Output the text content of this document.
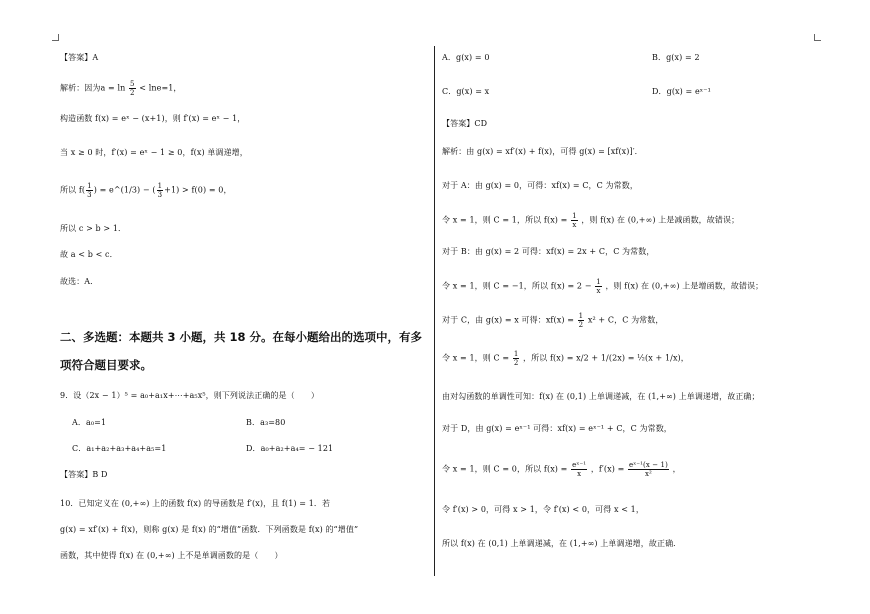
【答案】A
解析：因为$a = \ln \frac{5}{2} < \ln e=1$，
构造函数 f(x) = eˣ − (x+1)，则 f′(x) = eˣ − 1，
当 x ≥ 0 时，f′(x) = eˣ − 1 ≥ 0，f(x) 单调递增，
所以 $f( \frac{1}{3}$ ) = e^(1/3) − ( $\frac{1}{3} +1) > f(0) = 0$，
所以 c > b > 1．
故 a < b < c．
故选：A．
二、多选题：本题共 3 小题，共 18 分。在每小题给出的选项中，有多
项符合题目要求。
9．设（2x − 1）⁵ = a₀+a₁x+⋯+a₅x⁵，则下列说法正确的是（　　）
A．a₀=1	B．a₃=80
C．a₁+a₂+a₃+a₄+a₅=1	D．a₀+a₂+a₄= − 121
【答案】B D
10．已知定义在 (0,+∞) 上的函数 f(x) 的导函数是 f′(x)，且 f(1) = 1．若
g(x) = xf′(x) + f(x)，则称 g(x) 是 f(x) 的“增值”函数．下列函数是 f(x) 的“增值”
函数，其中使得 f(x) 在 (0,+∞) 上不是单调函数的是（　　）
A．g(x) = 0	B．g(x) = 2
C．g(x) = x	D．g(x) = eˣ⁻¹
【答案】CD
解析：由 g(x) = xf′(x) + f(x)，可得 g(x) = [xf(x)]′．
对于 A：由 g(x) = 0，可得：xf(x) = C，C 为常数，
令 x = 1，则 C = 1，所以 $f(x) = \frac{1}{x}$ ，则 f(x) 在 (0,+∞) 上是减函数，故错误；
对于 B：由 g(x) = 2 可得：xf(x) = 2x + C，C 为常数，
令 x = 1，则 C = −1，所以 $f(x) = 2 - \frac{1}{x}$ ，则 f(x) 在 (0,+∞) 上是增函数，故错误；
对于 C，由 g(x) = x 可得：$xf(x) = \frac{1}{2} x^2 + C$，C 为常数，
令 x = 1，则 $C = \frac{1}{2}$ ，所以 f(x) = x/2 + 1/(2x) = ½(x + 1/x)，
由对勾函数的单调性可知：f(x) 在 (0,1) 上单调递减，在 (1,+∞) 上单调递增，故正确；
对于 D，由 g(x) = eˣ⁻¹ 可得：xf(x) = eˣ⁻¹ + C，C 为常数，
令 x = 1，则 C = 0，所以 $f(x) = \frac{\text{eˣ⁻¹}}{x}$ ，$f'(x) = \frac{\text{eˣ⁻¹(x − 1)}}{\text{x²}}$ ，
令 f′(x) > 0，可得 x > 1，令 f′(x) < 0，可得 x < 1，
所以 f(x) 在 (0,1) 上单调递减，在 (1,+∞) 上单调递增，故正确．
